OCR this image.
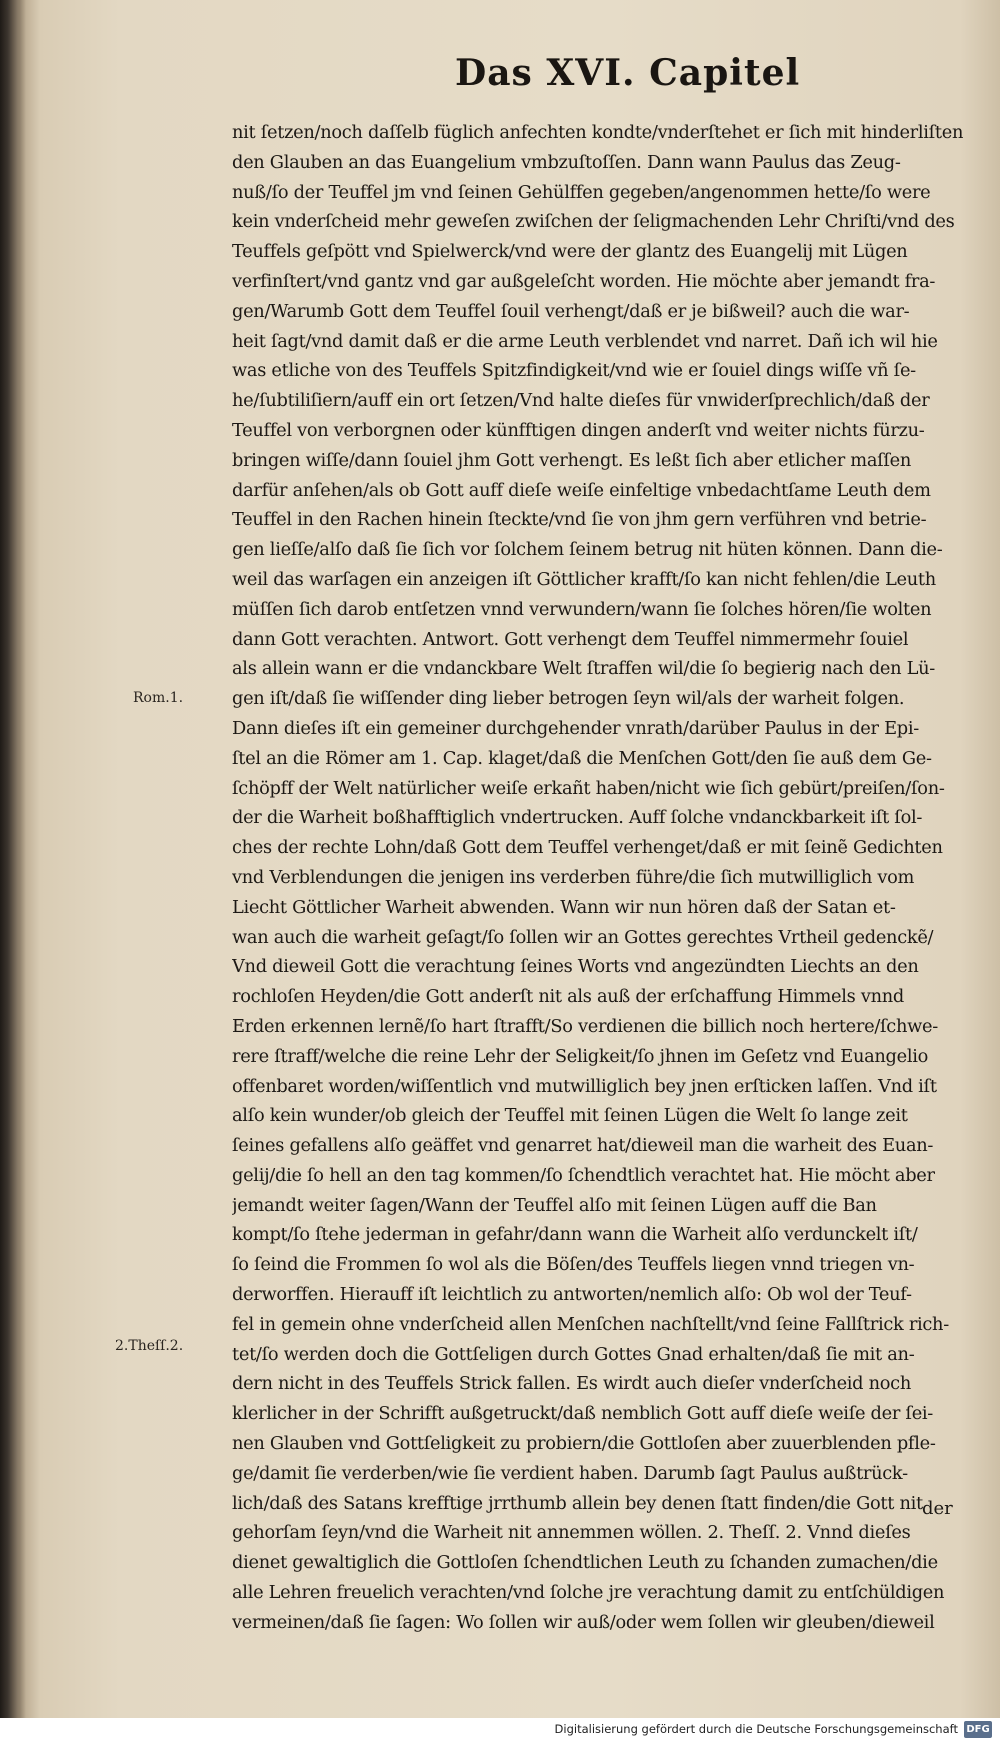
Das XVI. Capitel
Rom.1.
2.Theſſ.2.
nit ſetzen/noch daſſelb füglich anfechten kondte/vnderſtehet er ſich mit hinderliſten
den Glauben an das Euangelium vmbzuſtoſſen. Dann wann Paulus das Zeug-
nuß/ſo der Teuffel jm vnd ſeinen Gehülffen gegeben/angenommen hette/ſo were
kein vnderſcheid mehr geweſen zwiſchen der ſeligmachenden Lehr Chriſti/vnd des
Teuffels geſpött vnd Spielwerck/vnd were der glantz des Euangelij mit Lügen
verfinſtert/vnd gantz vnd gar außgeleſcht worden. Hie möchte aber jemandt fra-
gen/Warumb Gott dem Teuffel ſouil verhengt/daß er je bißweil? auch die war-
heit ſagt/vnd damit daß er die arme Leuth verblendet vnd narret. Dañ ich wil hie
was etliche von des Teuffels Spitzfindigkeit/vnd wie er ſouiel dings wiſſe vñ ſe-
he/ſubtiliſiern/auff ein ort ſetzen/Vnd halte dieſes für vnwiderſprechlich/daß der
Teuffel von verborgnen oder künfftigen dingen anderſt vnd weiter nichts fürzu-
bringen wiſſe/dann ſouiel jhm Gott verhengt. Es leßt ſich aber etlicher maſſen
darfür anſehen/als ob Gott auff dieſe weiſe einfeltige vnbedachtſame Leuth dem
Teuffel in den Rachen hinein ſteckte/vnd ſie von jhm gern verführen vnd betrie-
gen lieſſe/alſo daß ſie ſich vor ſolchem ſeinem betrug nit hüten können. Dann die-
weil das warſagen ein anzeigen iſt Göttlicher krafft/ſo kan nicht fehlen/die Leuth
müſſen ſich darob entſetzen vnnd verwundern/wann ſie ſolches hören/ſie wolten
dann Gott verachten. Antwort. Gott verhengt dem Teuffel nimmermehr ſouiel
als allein wann er die vndanckbare Welt ſtraffen wil/die ſo begierig nach den Lü-
gen iſt/daß ſie wiſſender ding lieber betrogen ſeyn wil/als der warheit folgen.
Dann dieſes iſt ein gemeiner durchgehender vnrath/darüber Paulus in der Epi-
ſtel an die Römer am 1. Cap. klaget/daß die Menſchen Gott/den ſie auß dem Ge-
ſchöpff der Welt natürlicher weiſe erkañt haben/nicht wie ſich gebürt/preiſen/ſon-
der die Warheit boßhafftiglich vndertrucken. Auff ſolche vndanckbarkeit iſt ſol-
ches der rechte Lohn/daß Gott dem Teuffel verhenget/daß er mit ſeinẽ Gedichten
vnd Verblendungen die jenigen ins verderben führe/die ſich mutwilliglich vom
Liecht Göttlicher Warheit abwenden. Wann wir nun hören daß der Satan et-
wan auch die warheit geſagt/ſo ſollen wir an Gottes gerechtes Vrtheil gedenckẽ/
Vnd dieweil Gott die verachtung ſeines Worts vnd angezündten Liechts an den
rochloſen Heyden/die Gott anderſt nit als auß der erſchaffung Himmels vnnd
Erden erkennen lernẽ/ſo hart ſtrafft/So verdienen die billich noch hertere/ſchwe-
rere ſtraff/welche die reine Lehr der Seligkeit/ſo jhnen im Geſetz vnd Euangelio
offenbaret worden/wiſſentlich vnd mutwilliglich bey jnen erſticken laſſen. Vnd iſt
alſo kein wunder/ob gleich der Teuffel mit ſeinen Lügen die Welt ſo lange zeit
ſeines gefallens alſo geäffet vnd genarret hat/dieweil man die warheit des Euan-
gelij/die ſo hell an den tag kommen/ſo ſchendtlich verachtet hat. Hie möcht aber
jemandt weiter ſagen/Wann der Teuffel alſo mit ſeinen Lügen auff die Ban
kompt/ſo ſtehe jederman in gefahr/dann wann die Warheit alſo verdunckelt iſt/
ſo ſeind die Frommen ſo wol als die Böſen/des Teuffels liegen vnnd triegen vn-
derworffen. Hierauff iſt leichtlich zu antworten/nemlich alſo: Ob wol der Teuf-
fel in gemein ohne vnderſcheid allen Menſchen nachſtellt/vnd ſeine Fallſtrick rich-
tet/ſo werden doch die Gottſeligen durch Gottes Gnad erhalten/daß ſie mit an-
dern nicht in des Teuffels Strick fallen. Es wirdt auch dieſer vnderſcheid noch
klerlicher in der Schrifft außgetruckt/daß nemblich Gott auff dieſe weiſe der ſei-
nen Glauben vnd Gottſeligkeit zu probiern/die Gottloſen aber zuuerblenden pfle-
ge/damit ſie verderben/wie ſie verdient haben. Darumb ſagt Paulus außtrück-
lich/daß des Satans krefftige jrrthumb allein bey denen ſtatt finden/die Gott nit
gehorſam ſeyn/vnd die Warheit nit annemmen wöllen. 2. Theſſ. 2. Vnnd dieſes
dienet gewaltiglich die Gottloſen ſchendtlichen Leuth zu ſchanden zumachen/die
alle Lehren freuelich verachten/vnd ſolche jre verachtung damit zu entſchüldigen
vermeinen/daß ſie ſagen: Wo ſollen wir auß/oder wem ſollen wir gleuben/dieweil
der
Digitalisierung gefördert durch die Deutsche Forschungsgemeinschaft DFG
